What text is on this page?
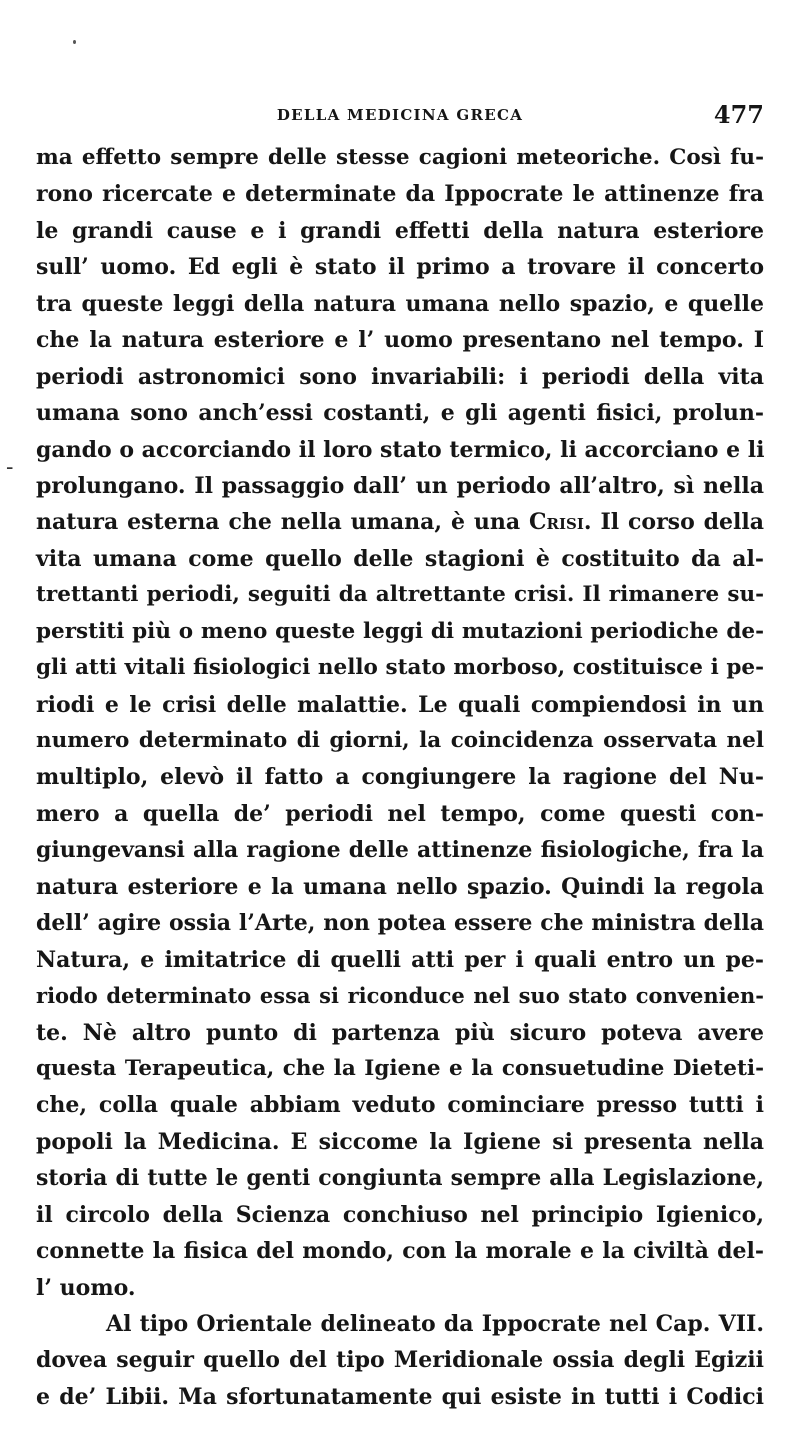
DELLA MEDICINA GRECA	477
-
ma effetto sempre delle stesse cagioni meteoriche. Così fu-
rono ricercate e determinate da Ippocrate le attinenze fra
le grandi cause e i grandi effetti della natura esteriore
sull’ uomo. Ed egli è stato il primo a trovare il concerto
tra queste leggi della natura umana nello spazio, e quelle
che la natura esteriore e l’ uomo presentano nel tempo. I
periodi astronomici sono invariabili: i periodi della vita
umana sono anch’essi costanti, e gli agenti fisici, prolun-
gando o accorciando il loro stato termico, li accorciano e li
prolungano. Il passaggio dall’ un periodo all’altro, sì nella
natura esterna che nella umana, è una Crisi. Il corso della
vita umana come quello delle stagioni è costituito da al-
trettanti periodi, seguiti da altrettante crisi. Il rimanere su-
perstiti più o meno queste leggi di mutazioni periodiche de-
gli atti vitali fisiologici nello stato morboso, costituisce i pe-
riodi e le crisi delle malattie. Le quali compiendosi in un
numero determinato di giorni, la coincidenza osservata nel
multiplo, elevò il fatto a congiungere la ragione del Nu-
mero a quella de’ periodi nel tempo, come questi con-
giungevansi alla ragione delle attinenze fisiologiche, fra la
natura esteriore e la umana nello spazio. Quindi la regola
dell’ agire ossia l’Arte, non potea essere che ministra della
Natura, e imitatrice di quelli atti per i quali entro un pe-
riodo determinato essa si riconduce nel suo stato convenien-
te. Nè altro punto di partenza più sicuro poteva avere
questa Terapeutica, che la Igiene e la consuetudine Dieteti-
che, colla quale abbiam veduto cominciare presso tutti i
popoli la Medicina. E siccome la Igiene si presenta nella
storia di tutte le genti congiunta sempre alla Legislazione,
il circolo della Scienza conchiuso nel principio Igienico,
connette la fisica del mondo, con la morale e la civiltà del-
l’ uomo.
Al tipo Orientale delineato da Ippocrate nel Cap. VII.
dovea seguir quello del tipo Meridionale ossia degli Egizii
e de’ Libii. Ma sfortunatamente qui esiste in tutti i Codici
